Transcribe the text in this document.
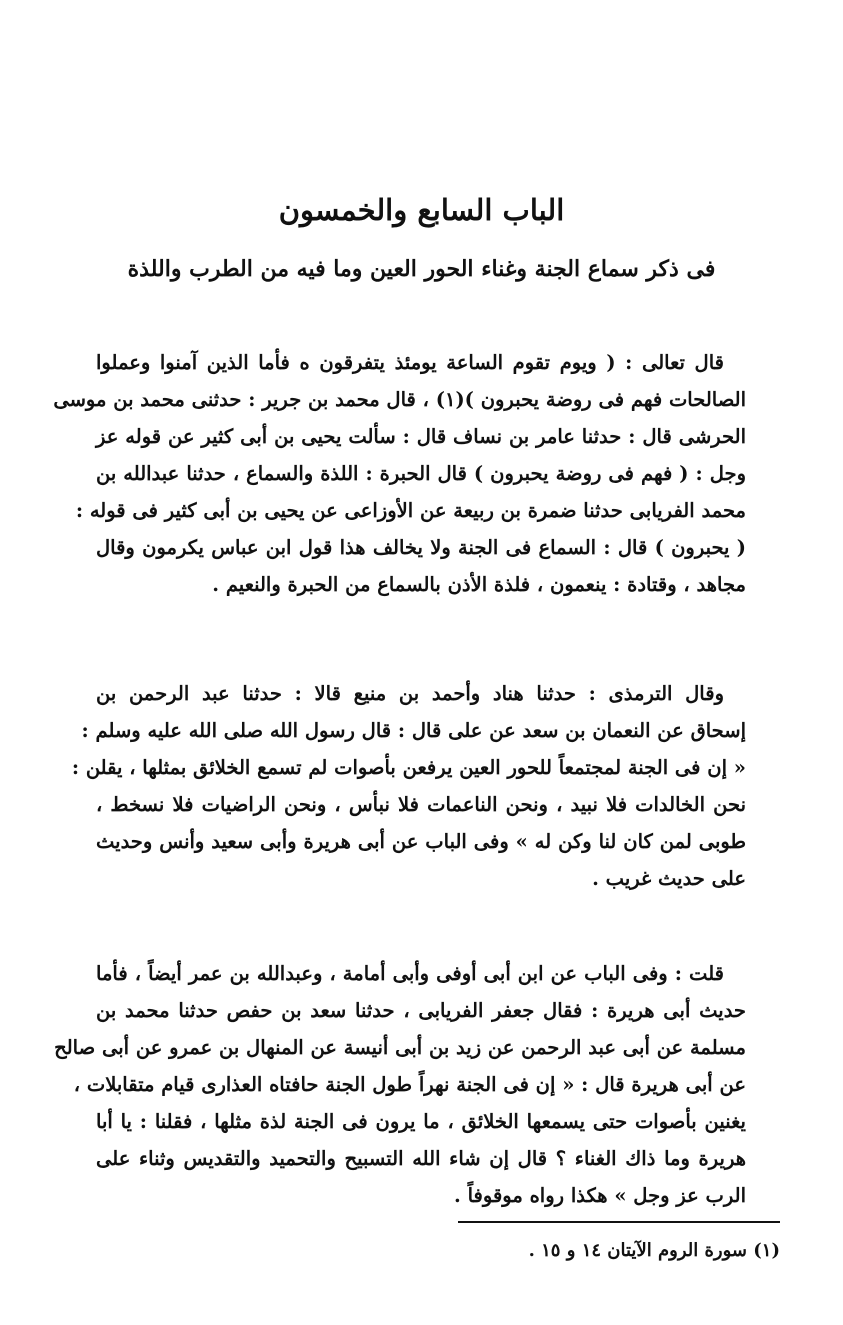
الباب السابع والخمسون
فى ذكر سماع الجنة وغناء الحور العين وما فيه من الطرب واللذة
قال تعالى : ( ويوم تقوم الساعة يومئذ يتفرقون ه فأما الذين آمنوا وعملوا
الصالحات فهم فى روضة يحبرون )(١) ، قال محمد بن جرير : حدثنى محمد بن موسى
الحرشى قال : حدثنا عامر بن نساف قال : سألت يحيى بن أبى كثير عن قوله عز
وجل : ( فهم فى روضة يحبرون ) قال الحبرة : اللذة والسماع ، حدثنا عبدالله بن
محمد الفريابى حدثنا ضمرة بن ربيعة عن الأوزاعى عن يحيى بن أبى كثير فى قوله :
( يحبرون ) قال : السماع فى الجنة ولا يخالف هذا قول ابن عباس يكرمون وقال
مجاهد ، وقتادة : ينعمون ، فلذة الأذن بالسماع من الحبرة والنعيم .
وقال الترمذى : حدثنا هناد وأحمد بن منيع قالا : حدثنا عبد الرحمن بن
إسحاق عن النعمان بن سعد عن على قال : قال رسول الله صلى الله عليه وسلم :
« إن فى الجنة لمجتمعاً للحور العين يرفعن بأصوات لم تسمع الخلائق بمثلها ، يقلن :
نحن الخالدات فلا نبيد ، ونحن الناعمات فلا نبأس ، ونحن الراضيات فلا نسخط ،
طوبى لمن كان لنا وكن له » وفى الباب عن أبى هريرة وأبى سعيد وأنس وحديث
على حديث غريب .
قلت : وفى الباب عن ابن أبى أوفى وأبى أمامة ، وعبدالله بن عمر أيضاً ، فأما
حديث أبى هريرة : فقال جعفر الفريابى ، حدثنا سعد بن حفص حدثنا محمد بن
مسلمة عن أبى عبد الرحمن عن زيد بن أبى أنيسة عن المنهال بن عمرو عن أبى صالح
عن أبى هريرة قال : « إن فى الجنة نهراً طول الجنة حافتاه العذارى قيام متقابلات ،
يغنين بأصوات حتى يسمعها الخلائق ، ما يرون فى الجنة لذة مثلها ، فقلنا : يا أبا
هريرة وما ذاك الغناء ؟ قال إن شاء الله التسبيح والتحميد والتقديس وثناء على
الرب عز وجل » هكذا رواه موقوفاً .
(١) سورة الروم الآيتان ١٤ و ١٥ .
